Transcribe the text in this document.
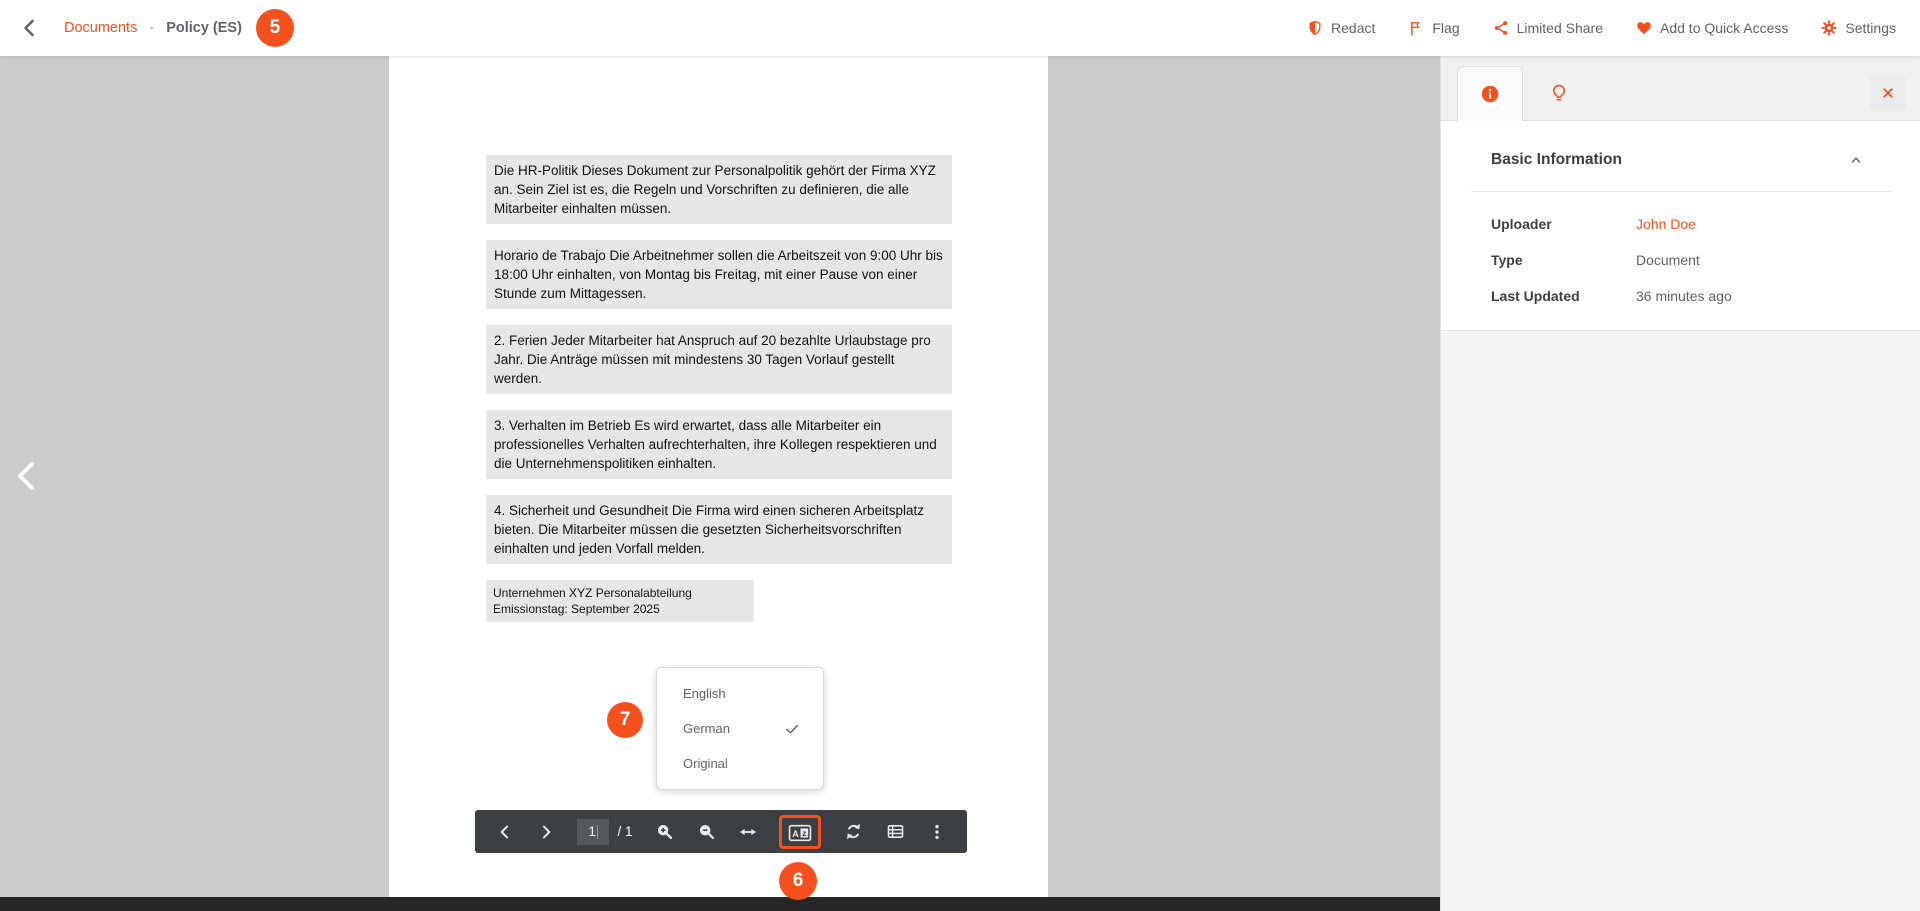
Documents - Policy (ES)	5	Redact	Flag	Limited Share	Add to Quick Access	Settings
Die HR-Politik Dieses Dokument zur Personalpolitik gehört der Firma XYZ an. Sein Ziel ist es, die Regeln und Vorschriften zu definieren, die alle Mitarbeiter einhalten müssen.
Horario de Trabajo Die Arbeitnehmer sollen die Arbeitszeit von 9:00 Uhr bis 18:00 Uhr einhalten, von Montag bis Freitag, mit einer Pause von einer Stunde zum Mittagessen.
2. Ferien Jeder Mitarbeiter hat Anspruch auf 20 bezahlte Urlaubstage pro Jahr. Die Anträge müssen mit mindestens 30 Tagen Vorlauf gestellt werden.
3. Verhalten im Betrieb Es wird erwartet, dass alle Mitarbeiter ein professionelles Verhalten aufrechterhalten, ihre Kollegen respektieren und die Unternehmenspolitiken einhalten.
4. Sicherheit und Gesundheit Die Firma wird einen sicheren Arbeitsplatz bieten. Die Mitarbeiter müssen die gesetzten Sicherheitsvorschriften einhalten und jeden Vorfall melden.
Unternehmen XYZ Personalabteilung Emissionstag: September 2025
English
German
Original
7
1 / 1	A z
6
Basic Information
Uploader	John Doe
Type	Document
Last Updated	36 minutes ago
